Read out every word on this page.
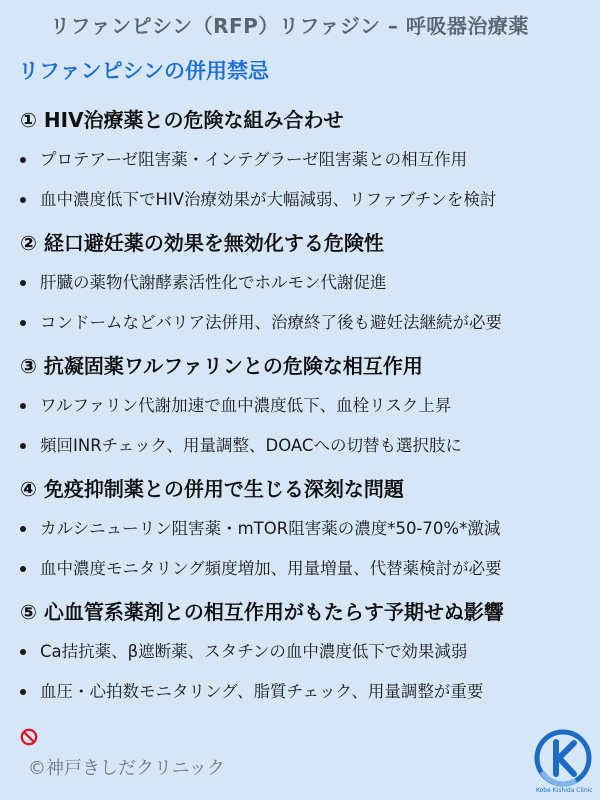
リファンピシン（RFP）リファジン – 呼吸器治療薬
リファンピシンの併用禁忌
① HIV治療薬との危険な組み合わせ
プロテアーゼ阻害薬・インテグラーゼ阻害薬との相互作用
血中濃度低下でHIV治療効果が大幅減弱、リファブチンを検討
② 経口避妊薬の効果を無効化する危険性
肝臓の薬物代謝酵素活性化でホルモン代謝促進
コンドームなどバリア法併用、治療終了後も避妊法継続が必要
③ 抗凝固薬ワルファリンとの危険な相互作用
ワルファリン代謝加速で血中濃度低下、血栓リスク上昇
頻回INRチェック、用量調整、DOACへの切替も選択肢に
④ 免疫抑制薬との併用で生じる深刻な問題
カルシニューリン阻害薬・mTOR阻害薬の濃度*50-70%*激減
血中濃度モニタリング頻度増加、用量増量、代替薬検討が必要
⑤ 心血管系薬剤との相互作用がもたらす予期せぬ影響
Ca拮抗薬、β遮断薬、スタチンの血中濃度低下で効果減弱
血圧・心拍数モニタリング、脂質チェック、用量調整が重要
©神戸きしだクリニック
Kobe Kishida Clinic
